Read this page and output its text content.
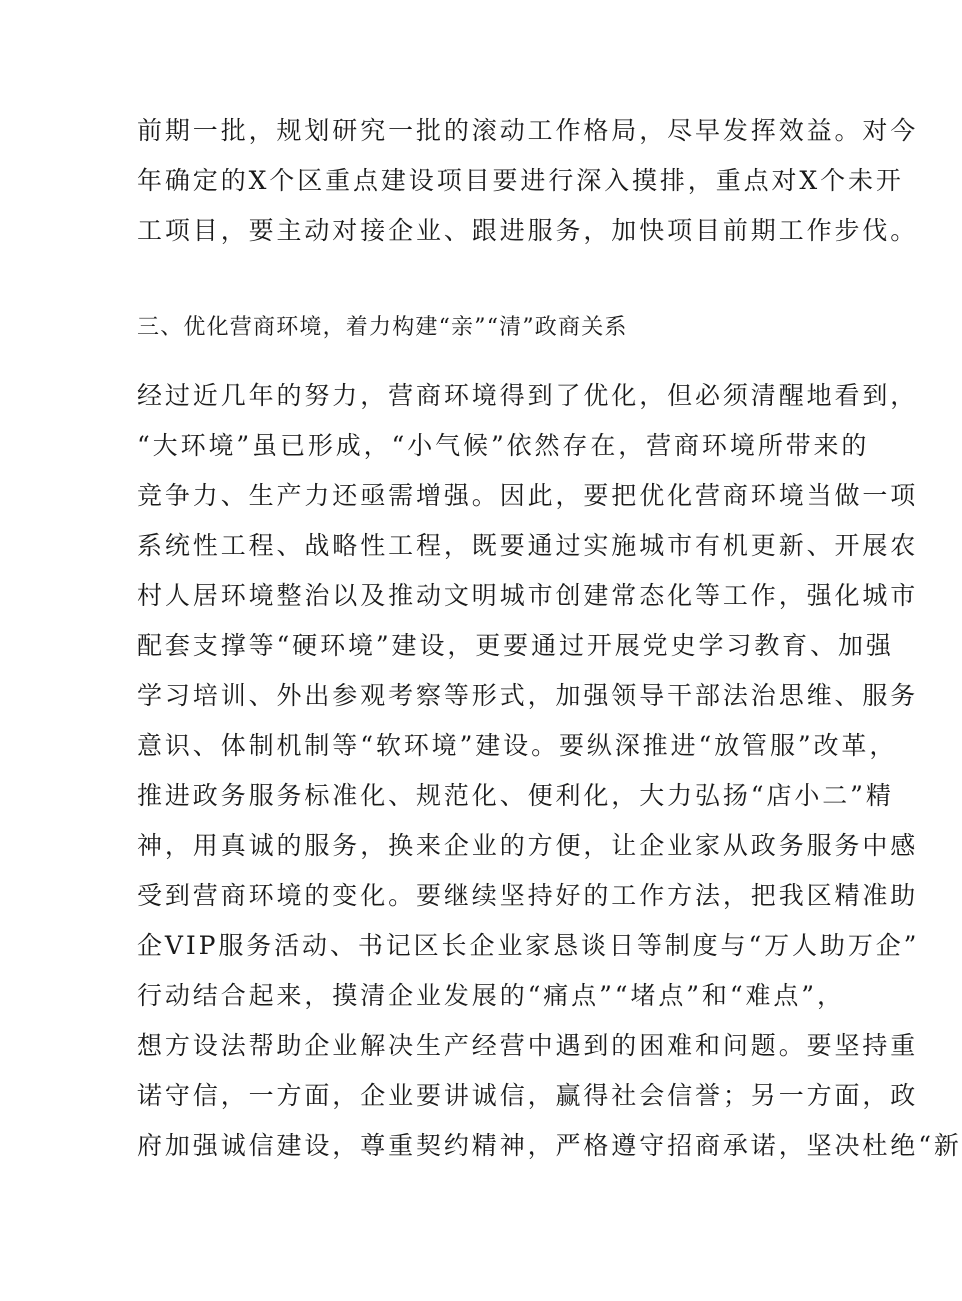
前期一批，规划研究一批的滚动工作格局，尽早发挥效益。对今
年确定的X个区重点建设项目要进行深入摸排，重点对X个未开
工项目，要主动对接企业、跟进服务，加快项目前期工作步伐。
三、优化营商环境，着力构建“亲”“清”政商关系
经过近几年的努力，营商环境得到了优化，但必须清醒地看到，
“大环境”虽已形成，“小气候”依然存在，营商环境所带来的
竞争力、生产力还亟需增强。因此，要把优化营商环境当做一项
系统性工程、战略性工程，既要通过实施城市有机更新、开展农
村人居环境整治以及推动文明城市创建常态化等工作，强化城市
配套支撑等“硬环境”建设，更要通过开展党史学习教育、加强
学习培训、外出参观考察等形式，加强领导干部法治思维、服务
意识、体制机制等“软环境”建设。要纵深推进“放管服”改革，
推进政务服务标准化、规范化、便利化，大力弘扬“店小二”精
神，用真诚的服务，换来企业的方便，让企业家从政务服务中感
受到营商环境的变化。要继续坚持好的工作方法，把我区精准助
企VIP服务活动、书记区长企业家恳谈日等制度与“万人助万企”
行动结合起来，摸清企业发展的“痛点”“堵点”和“难点”，
想方设法帮助企业解决生产经营中遇到的困难和问题。要坚持重
诺守信，一方面，企业要讲诚信，赢得社会信誉；另一方面，政
府加强诚信建设，尊重契约精神，严格遵守招商承诺，坚决杜绝“新
